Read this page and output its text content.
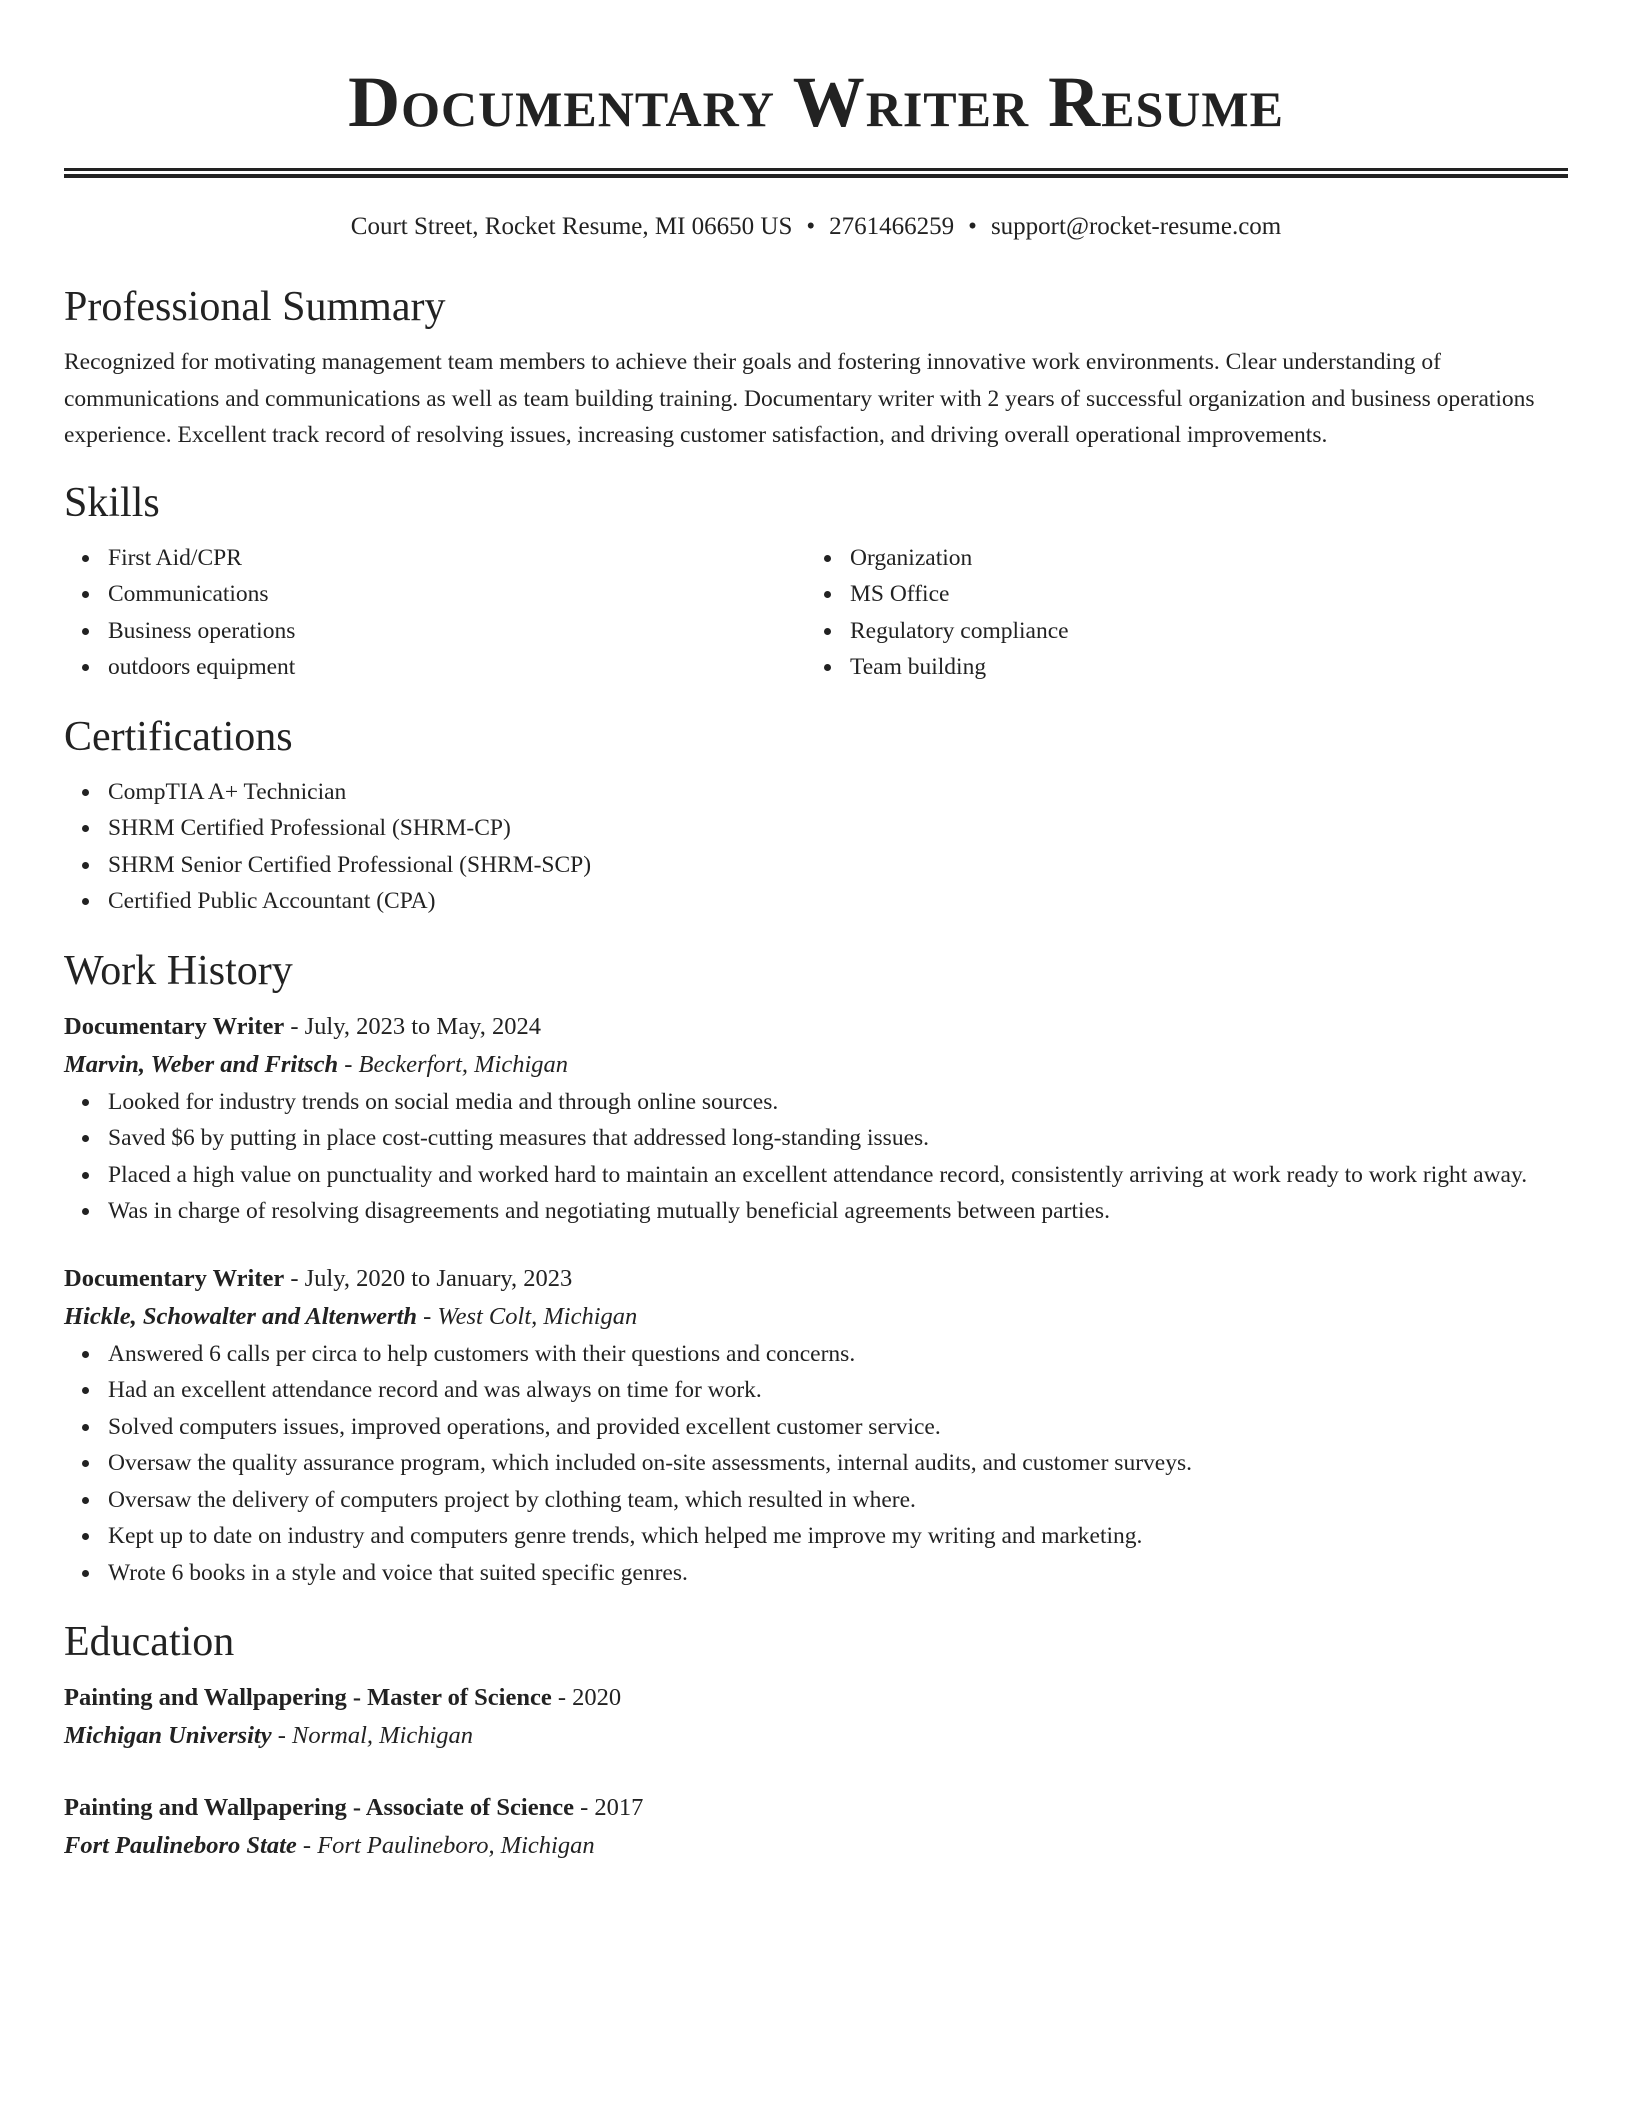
Documentary Writer Resume
Court Street, Rocket Resume, MI 06650 US • 2761466259 • support@rocket-resume.com
Professional Summary

Recognized for motivating management team members to achieve their goals and fostering innovative work environments. Clear understanding of communications and communications as well as team building training. Documentary writer with 2 years of successful organization and business operations experience. Excellent track record of resolving issues, increasing customer satisfaction, and driving overall operational improvements.

Skills
First Aid/CPR
Communications
Business operations
outdoors equipment
Organization
MS Office
Regulatory compliance
Team building
Certifications
CompTIA A+ Technician
SHRM Certified Professional (SHRM-CP)
SHRM Senior Certified Professional (SHRM-SCP)
Certified Public Accountant (CPA)
Work History
Documentary Writer - July, 2023 to May, 2024
Marvin, Weber and Fritsch - Beckerfort, Michigan
Looked for industry trends on social media and through online sources.
Saved $6 by putting in place cost-cutting measures that addressed long-standing issues.
Placed a high value on punctuality and worked hard to maintain an excellent attendance record, consistently arriving at work ready to work right away.
Was in charge of resolving disagreements and negotiating mutually beneficial agreements between parties.
Documentary Writer - July, 2020 to January, 2023
Hickle, Schowalter and Altenwerth - West Colt, Michigan
Answered 6 calls per circa to help customers with their questions and concerns.
Had an excellent attendance record and was always on time for work.
Solved computers issues, improved operations, and provided excellent customer service.
Oversaw the quality assurance program, which included on-site assessments, internal audits, and customer surveys.
Oversaw the delivery of computers project by clothing team, which resulted in where.
Kept up to date on industry and computers genre trends, which helped me improve my writing and marketing.
Wrote 6 books in a style and voice that suited specific genres.
Education
Painting and Wallpapering - Master of Science - 2020
Michigan University - Normal, Michigan
Painting and Wallpapering - Associate of Science - 2017
Fort Paulineboro State - Fort Paulineboro, Michigan
